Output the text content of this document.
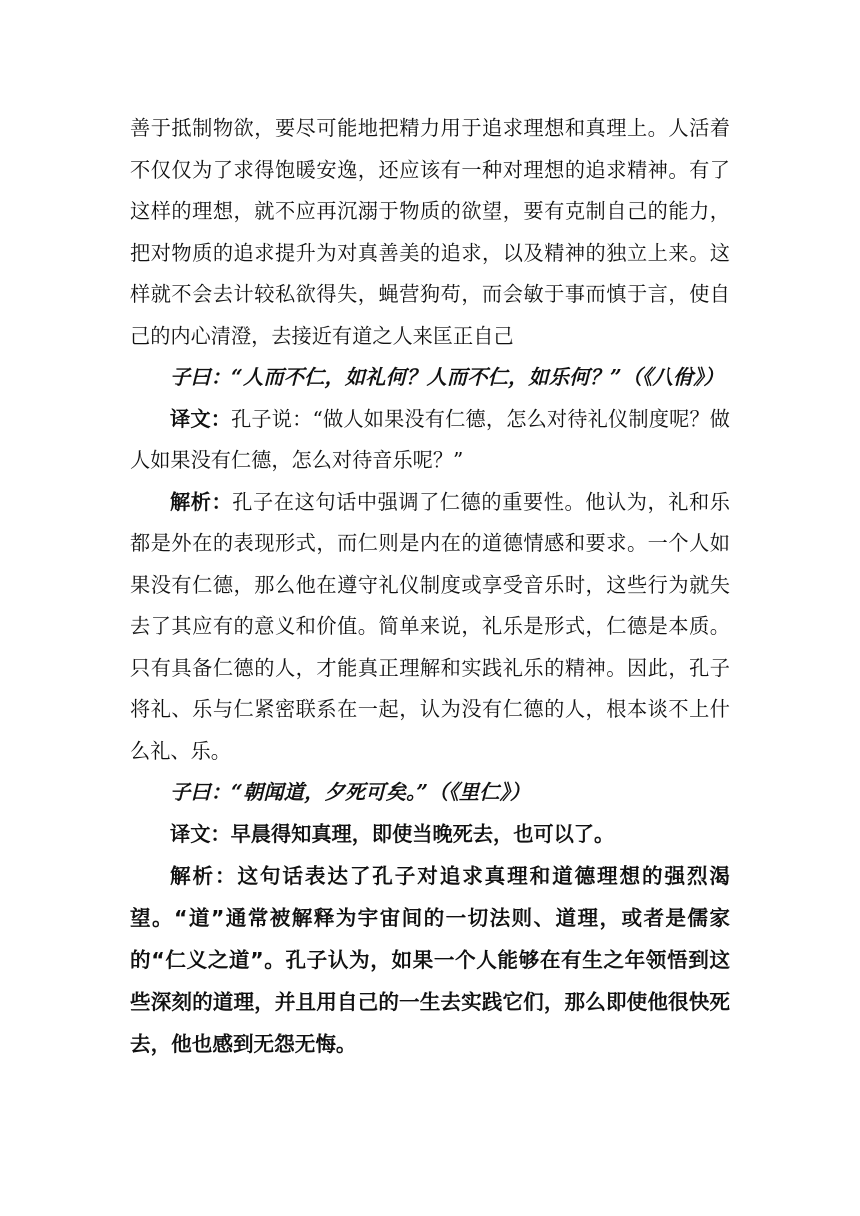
善于抵制物欲，要尽可能地把精力用于追求理想和真理上。人活着不仅仅为了求得饱暖安逸，还应该有一种对理想的追求精神。有了这样的理想，就不应再沉溺于物质的欲望，要有克制自己的能力，把对物质的追求提升为对真善美的追求，以及精神的独立上来。这样就不会去计较私欲得失，蝇营狗苟，而会敏于事而慎于言，使自己的内心清澄，去接近有道之人来匡正自己

子曰：“人而不仁，如礼何？人而不仁，如乐何？”（《八佾》）

译文：孔子说：“做人如果没有仁德，怎么对待礼仪制度呢？做人如果没有仁德，怎么对待音乐呢？”

解析：孔子在这句话中强调了仁德的重要性。他认为，礼和乐都是外在的表现形式，而仁则是内在的道德情感和要求。一个人如果没有仁德，那么他在遵守礼仪制度或享受音乐时，这些行为就失去了其应有的意义和价值。简单来说，礼乐是形式，仁德是本质。只有具备仁德的人，才能真正理解和实践礼乐的精神。因此，孔子将礼、乐与仁紧密联系在一起，认为没有仁德的人，根本谈不上什么礼、乐。

子曰：“朝闻道，夕死可矣。”（《里仁》）

译文：早晨得知真理，即使当晚死去，也可以了。

解析：这句话表达了孔子对追求真理和道德理想的强烈渴望。“道”通常被解释为宇宙间的一切法则、道理，或者是儒家的“仁义之道”。孔子认为，如果一个人能够在有生之年领悟到这些深刻的道理，并且用自己的一生去实践它们，那么即使他很快死去，他也感到无怨无悔。
